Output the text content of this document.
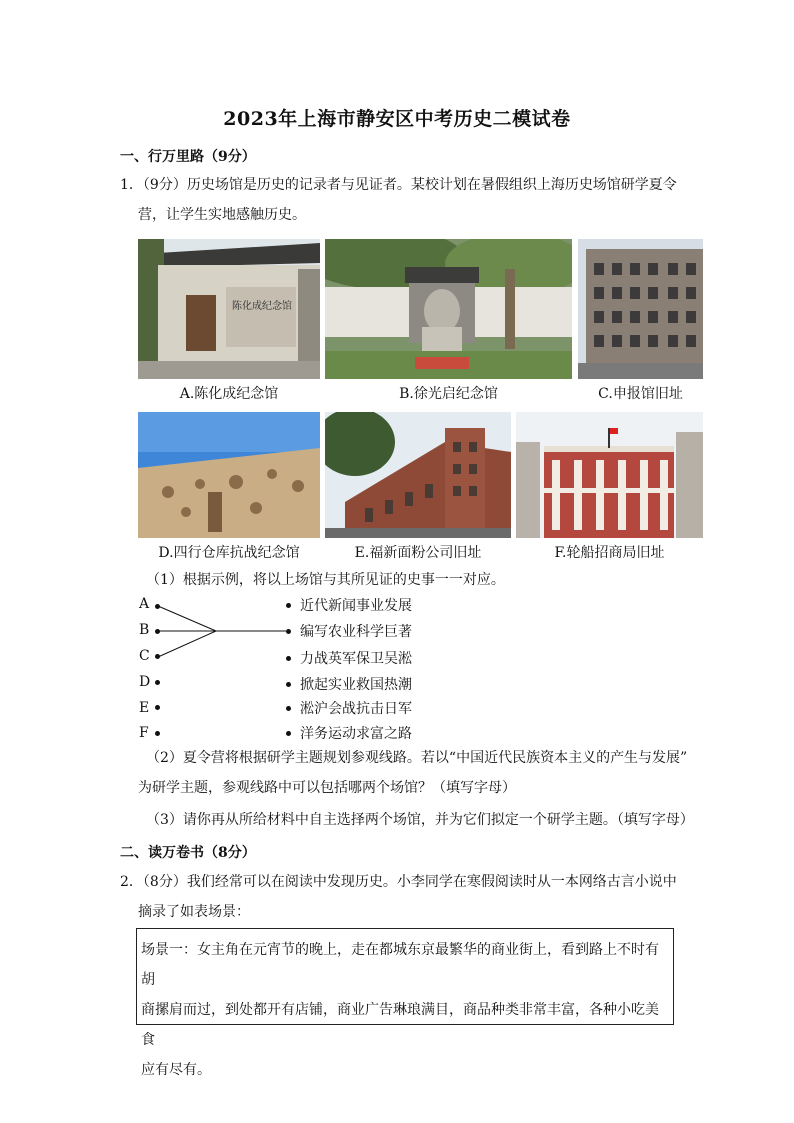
2023年上海市静安区中考历史二模试卷
一、行万里路（9分）
1．（9分）历史场馆是历史的记录者与见证者。某校计划在暑假组织上海历史场馆研学夏令
营，让学生实地感触历史。
陈化成纪念馆
A.陈化成纪念馆	B.徐光启纪念馆	C.申报馆旧址
D.四行仓库抗战纪念馆	E.福新面粉公司旧址	F.轮船招商局旧址
（1）根据示例，将以上场馆与其所见证的史事一一对应。
A
B
C
D
E
F
近代新闻事业发展
编写农业科学巨著
力战英军保卫吴淞
掀起实业救国热潮
淞沪会战抗击日军
洋务运动求富之路
（2）夏令营将根据研学主题规划参观线路。若以“中国近代民族资本主义的产生与发展”
为研学主题，参观线路中可以包括哪两个场馆？（填写字母）
（3）请你再从所给材料中自主选择两个场馆，并为它们拟定一个研学主题。（填写字母）
二、读万卷书（8分）
2．（8分）我们经常可以在阅读中发现历史。小李同学在寒假阅读时从一本网络古言小说中
摘录了如表场景：
场景一：女主角在元宵节的晚上，走在都城东京最繁华的商业街上，看到路上不时有胡
商摞肩而过，到处都开有店铺，商业广告琳琅满目，商品种类非常丰富，各种小吃美食
应有尽有。
